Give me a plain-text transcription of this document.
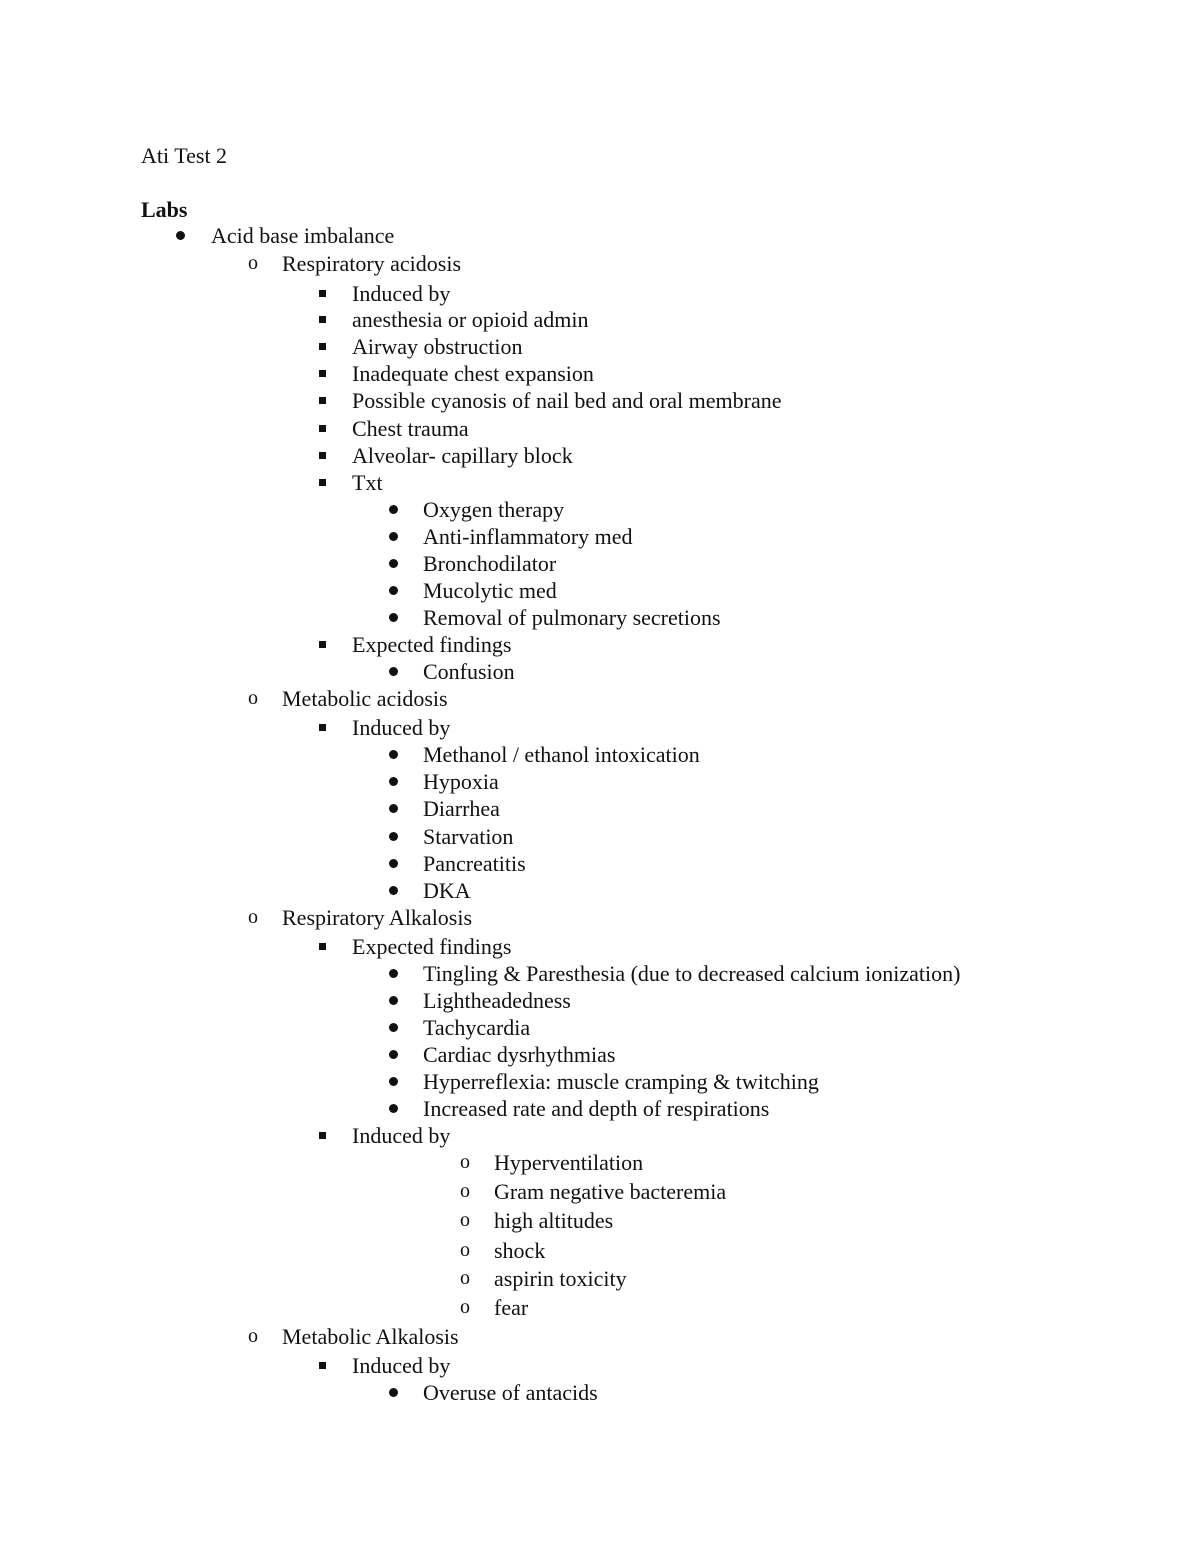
Ati Test 2
Labs
Acid base imbalance
o Respiratory acidosis
Induced by
anesthesia or opioid admin
Airway obstruction
Inadequate chest expansion
Possible cyanosis of nail bed and oral membrane
Chest trauma
Alveolar- capillary block
Txt
Oxygen therapy
Anti-inflammatory med
Bronchodilator
Mucolytic med
Removal of pulmonary secretions
Expected findings
Confusion
o Metabolic acidosis
Induced by
Methanol / ethanol intoxication
Hypoxia
Diarrhea
Starvation
Pancreatitis
DKA
o Respiratory Alkalosis
Expected findings
Tingling & Paresthesia (due to decreased calcium ionization)
Lightheadedness
Tachycardia
Cardiac dysrhythmias
Hyperreflexia: muscle cramping & twitching
Increased rate and depth of respirations
Induced by
o Hyperventilation
o Gram negative bacteremia
o high altitudes
o shock
o aspirin toxicity
o fear
o Metabolic Alkalosis
Induced by
Overuse of antacids
